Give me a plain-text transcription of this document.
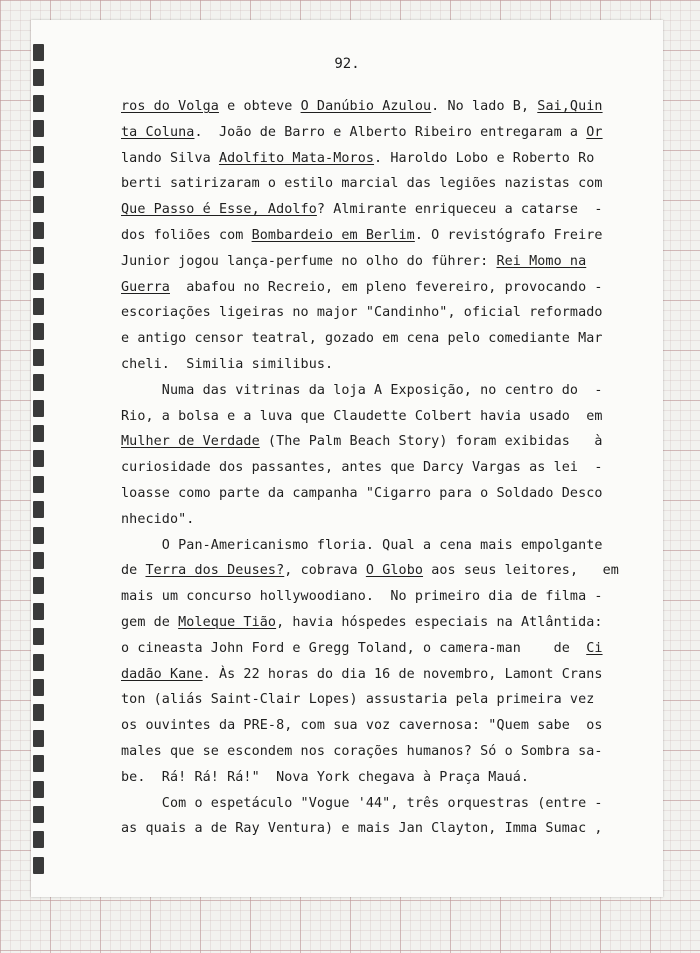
92.
ros do Volga e obteve O Danúbio Azulou. No lado B, Sai,Quin
ta Coluna.  João de Barro e Alberto Ribeiro entregaram a Or
lando Silva Adolfito Mata-Moros. Haroldo Lobo e Roberto Ro
berti satirizaram o estilo marcial das legiões nazistas com
Que Passo é Esse, Adolfo? Almirante enriqueceu a catarse  -
dos foliões com Bombardeio em Berlim. O revistógrafo Freire
Junior jogou lança-perfume no olho do führer: Rei Momo na
Guerra  abafou no Recreio, em pleno fevereiro, provocando -
escoriações ligeiras no major "Candinho", oficial reformado
e antigo censor teatral, gozado em cena pelo comediante Mar
cheli.  Similia similibus.
Numa das vitrinas da loja A Exposição, no centro do  -
Rio, a bolsa e a luva que Claudette Colbert havia usado  em
Mulher de Verdade (The Palm Beach Story) foram exibidas   à
curiosidade dos passantes, antes que Darcy Vargas as lei  -
loasse como parte da campanha "Cigarro para o Soldado Desco
nhecido".
O Pan-Americanismo floria. Qual a cena mais empolgante
de Terra dos Deuses?, cobrava O Globo aos seus leitores,   em
mais um concurso hollywoodiano.  No primeiro dia de filma -
gem de Moleque Tião, havia hóspedes especiais na Atlântida:
o cineasta John Ford e Gregg Toland, o camera-man    de  Ci
dadão Kane. Às 22 horas do dia 16 de novembro, Lamont Crans
ton (aliás Saint-Clair Lopes) assustaria pela primeira vez
os ouvintes da PRE-8, com sua voz cavernosa: "Quem sabe  os
males que se escondem nos corações humanos? Só o Sombra sa-
be.  Rá! Rá! Rá!"  Nova York chegava à Praça Mauá.
Com o espetáculo "Vogue '44", três orquestras (entre -
as quais a de Ray Ventura) e mais Jan Clayton, Imma Sumac ,
